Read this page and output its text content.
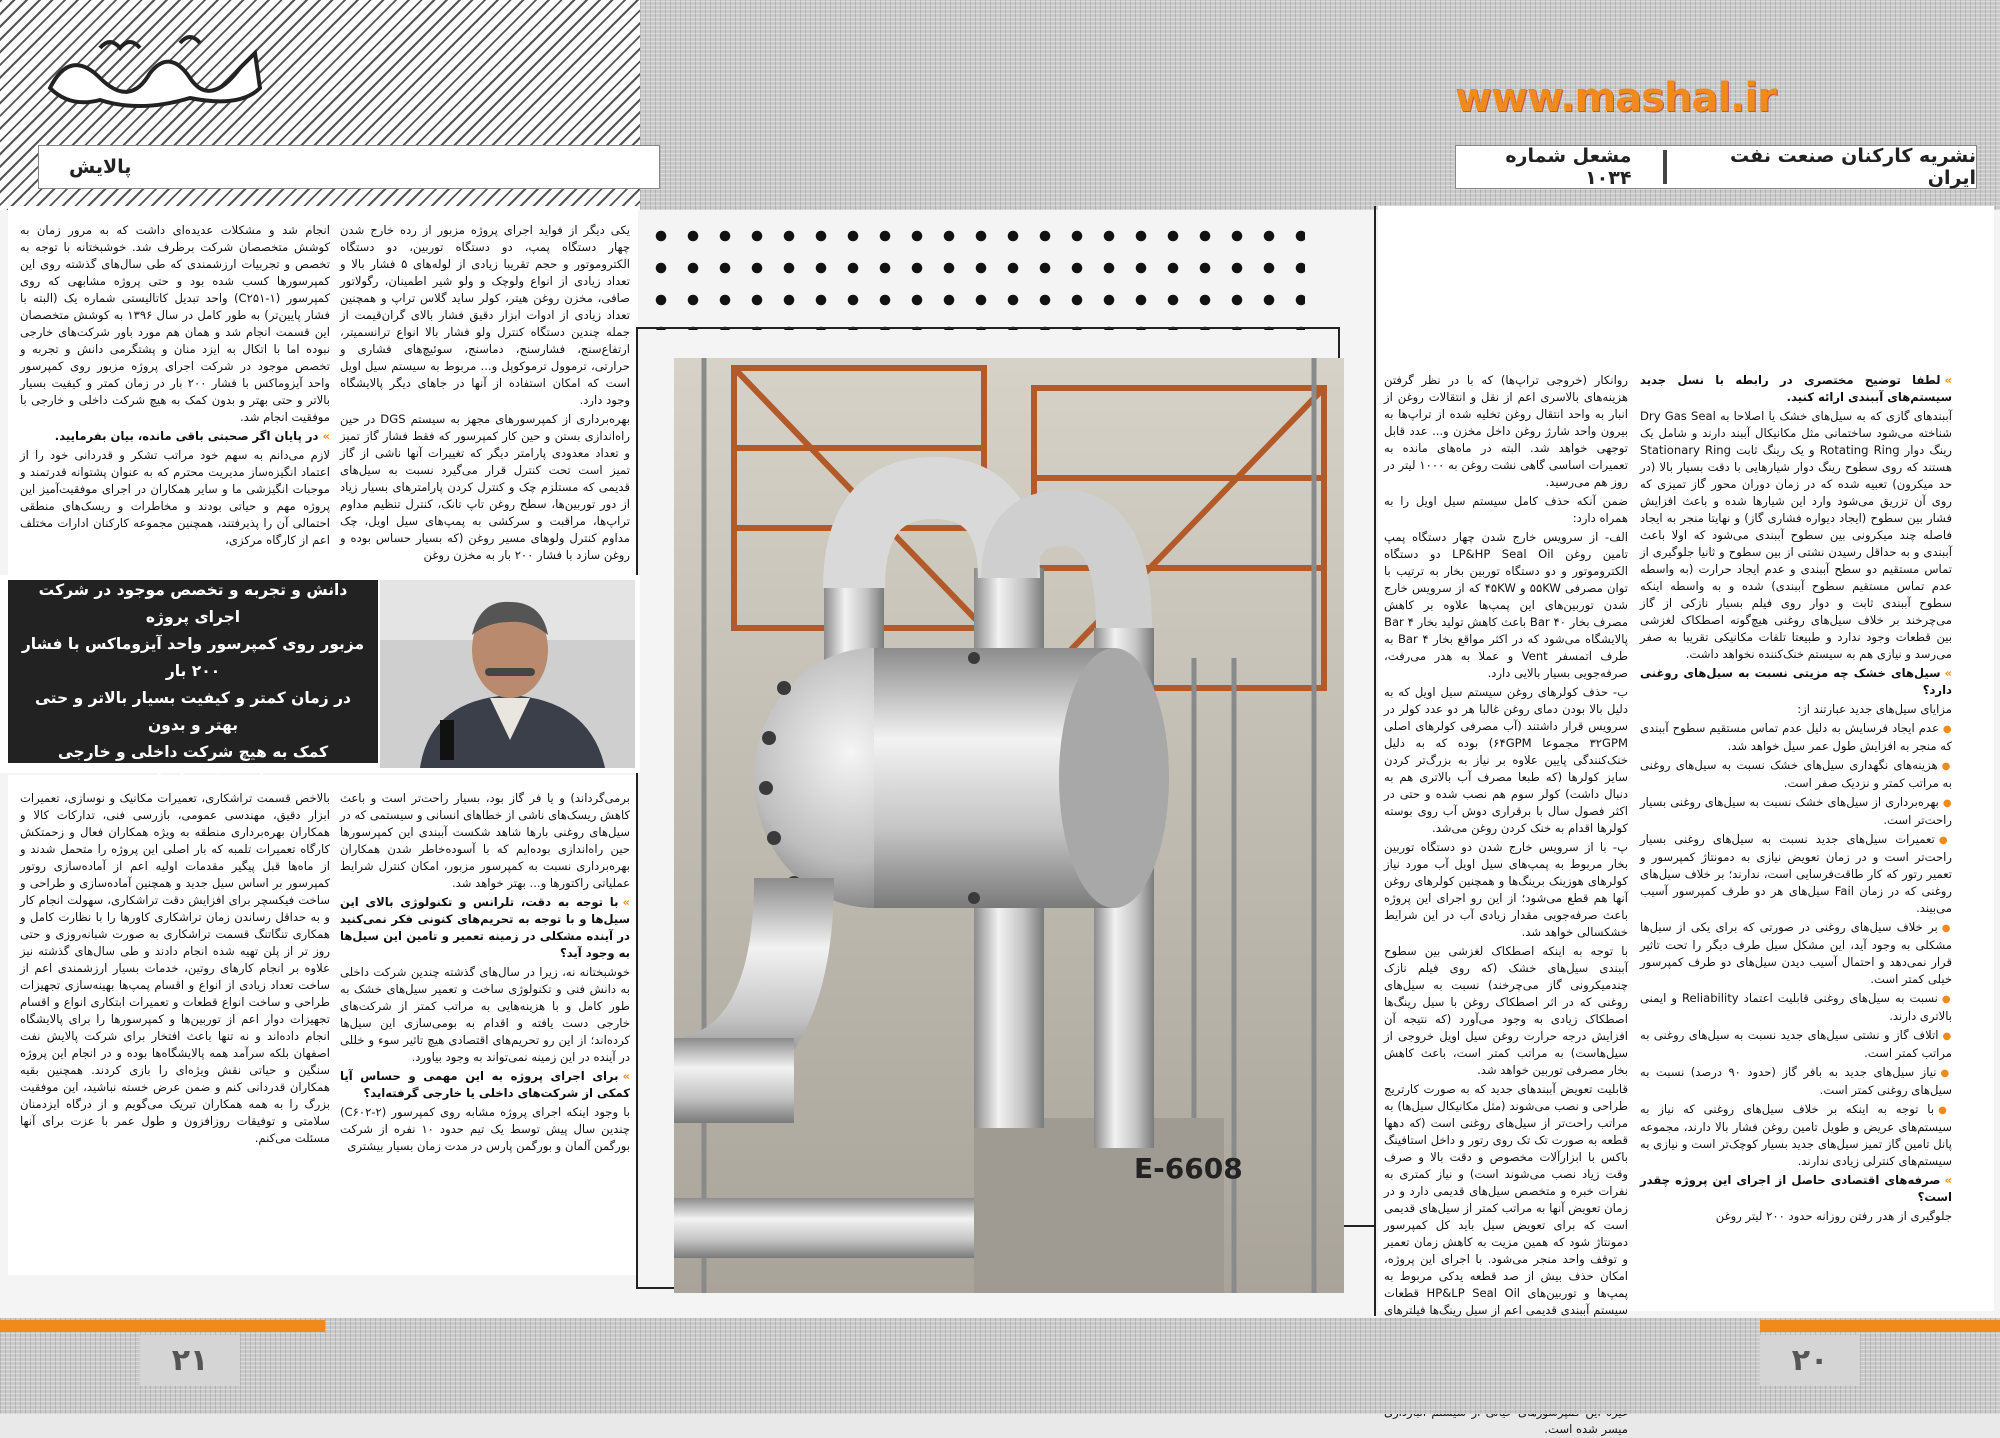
پالایش
www.mashal.ir
مشعل شماره ۱۰۳۴
نشریه کارکنان صنعت نفت ایران
E-6608
با اتکال به ایزد منان و
دانش و تجربه و تخصص موجود در شرکت اجرای پروژه
مزبور روی کمپرسور واحد آیزوماکس با فشار ۲۰۰ بار
در زمان کمتر و کیفیت بسیار بالاتر و حتی بهتر و بدون
کمک به هیچ شرکت داخلی و خارجی
با موفقیت انجام شد

» لطفا توضیح مختصری در رابطه با نسل جدید سیستم‌های آببندی ارائه کنید.

آببندهای گازی که به سیل‌های خشک یا اصلاحا به Dry Gas Seal شناخته می‌شود ساختمانی مثل مکانیکال آببند دارند و شامل یک رینگ دوار Rotating Ring و یک رینگ ثابت Stationary Ring هستند که روی سطوح رینگ دوار شیارهایی با دقت بسیار بالا (در حد میکرون) تعبیه شده که در زمان دوران محور گاز تمیزی که روی آن تزریق می‌شود وارد این شیارها شده و باعث افزایش فشار بین سطوح (ایجاد دیواره فشاری گاز) و نهایتا منجر به ایجاد فاصله چند میکرونی بین سطوح آببندی می‌شود که اولا باعث آببندی و به حداقل رسیدن نشتی از بین سطوح و ثانیا جلوگیری از تماس مستقیم دو سطح آببندی و عدم ایجاد حرارت (به واسطه عدم تماس مستقیم سطوح آببندی) شده و به واسطه اینکه سطوح آببندی ثابت و دوار روی فیلم بسیار نازکی از گاز می‌چرخند بر خلاف سیل‌های روغنی هیچ‌گونه اصطکاک لغزشی بین قطعات وجود ندارد و طبیعتا تلفات مکانیکی تقریبا به صفر می‌رسد و نیازی هم به سیستم خنک‌کننده نخواهد داشت.

» سیل‌های خشک چه مزیتی نسبت به سیل‌های روغنی دارد؟

مزایای سیل‌های جدید عبارتند از:

● عدم ایجاد فرسایش به دلیل عدم تماس مستقیم سطوح آببندی که منجر به افزایش طول عمر سیل خواهد شد.

● هزینه‌های نگهداری سیل‌های خشک نسبت به سیل‌های روغنی به مراتب کمتر و نزدیک صفر است.

● بهره‌برداری از سیل‌های خشک نسبت به سیل‌های روغنی بسیار راحت‌تر است.

● تعمیرات سیل‌های جدید نسبت به سیل‌های روغنی بسیار راحت‌تر است و در زمان تعویض نیازی به دمونتاژ کمپرسور و تعمیر رتور که کار طاقت‌فرسایی است، ندارند؛ بر خلاف سیل‌های روغنی که در زمان Fail سیل‌های هر دو طرف کمپرسور آسیب می‌بیند.

● بر خلاف سیل‌های روغنی در صورتی که برای یکی از سیل‌ها مشکلی به وجود آید، این مشکل سیل طرف دیگر را تحت تاثیر قرار نمی‌دهد و احتمال آسیب دیدن سیل‌های دو طرف کمپرسور خیلی کمتر است.

● نسبت به سیل‌های روغنی قابلیت اعتماد Reliability و ایمنی بالاتری دارند.

● اتلاف گاز و نشتی سیل‌های جدید نسبت به سیل‌های روغنی به مراتب کمتر است.

● نیاز سیل‌های جدید به بافر گاز (حدود ۹۰ درصد) نسبت به سیل‌های روغنی کمتر است.

● با توجه به اینکه بر خلاف سیل‌های روغنی که نیاز به سیستم‌های عریض و طویل تامین روغن فشار بالا دارند، مجموعه پانل تامین گاز تمیز سیل‌های جدید بسیار کوچک‌تر است و نیازی به سیستم‌های کنترلی زیادی ندارند.

» صرفه‌های اقتصادی حاصل از اجرای این پروژه چقدر است؟

جلوگیری از هدر رفتن روزانه حدود ۲۰۰ لیتر روغن

روانکار (خروجی تراپ‌ها) که با در نظر گرفتن هزینه‌های بالاسری اعم از نقل و انتقالات روغن از انبار به واحد انتقال روغن تخلیه شده از تراپ‌ها به بیرون واحد شارژ روغن داخل مخزن و... عدد قابل توجهی خواهد شد. البته در ماه‌های مانده به تعمیرات اساسی گاهی نشت روغن به ۱۰۰۰ لیتر در روز هم می‌رسید.

ضمن آنکه حذف کامل سیستم سیل اویل را به همراه دارد:

الف- از سرویس خارج شدن چهار دستگاه پمپ تامین روغن LP&HP Seal Oil دو دستگاه الکتروموتور و دو دستگاه توربین بخار به ترتیب با توان مصرفی ۵۵KW و ۴۵KW که از سرویس خارج شدن توربین‌های این پمپ‌ها علاوه بر کاهش مصرف بخار ۴۰ Bar باعث کاهش تولید بخار ۴ Bar پالایشگاه می‌شود که در اکثر مواقع بخار ۴ Bar به طرف اتمسفر Vent و عملا به هدر می‌رفت، صرفه‌جویی بسیار بالایی دارد.

ب- حذف کولرهای روغن سیستم سیل اویل که به دلیل بالا بودن دمای روغن غالبا هر دو عدد کولر در سرویس قرار داشتند (آب مصرفی کولرهای اصلی ۳۲GPM مجموعا ۶۴GPM) بوده که به دلیل خنک‌کنندگی پایین علاوه بر نیاز به بزرگ‌تر کردن سایز کولرها (که طبعا مصرف آب بالاتری هم به دنبال داشت) کولر سوم هم نصب شده و حتی در اکثر فصول سال با برقراری دوش آب روی بوسته کولرها اقدام به خنک کردن روغن می‌شد.

پ- با از سرویس خارج شدن دو دستگاه توربین بخار مربوط به پمپ‌های سیل اویل آب مورد نیاز کولرهای هوزینک برینگ‌ها و همچنین کولرهای روغن آنها هم قطع می‌شود؛ از این رو اجرای این پروژه باعث صرفه‌جویی مقدار زیادی آب در این شرایط خشکسالی خواهد شد.

با توجه به اینکه اصطکاک لغزشی بین سطوح آببندی سیل‌های خشک (که روی فیلم نازک چندمیکرونی گاز می‌چرخند) نسبت به سیل‌های روغنی که در اثر اصطکاک روغن با سیل رینگ‌ها اصطکاک زیادی به وجود می‌آورد (که نتیجه آن افزایش درجه حرارت روغن سیل اویل خروجی از سیل‌هاست) به مراتب کمتر است، باعث کاهش بخار مصرفی توربین خواهد شد.

قابلیت تعویض آببندهای جدید که به صورت کارتریج طراحی و نصب می‌شوند (مثل مکانیکال سیل‌ها) به مراتب راحت‌تر از سیل‌های روغنی است (که دهها قطعه به صورت تک تک روی رتور و داخل استافینگ باکس با ابزارآلات مخصوص و دقت بالا و صرف وقت زیاد نصب می‌شوند است) و نیاز کمتری به نفرات خبره و متخصص سیل‌های قدیمی دارد و در زمان تعویض آنها به مراتب کمتر از سیل‌های قدیمی است که برای تعویض سیل باید کل کمپرسور دمونتاژ شود که همین مزیت به کاهش زمان تعمیر و توقف واحد منجر می‌شود. با اجرای این پروژه، امکان حذف بیش از صد قطعه یدکی مربوط به پمپ‌ها و توربین‌های HP&LP Seal Oil قطعات سیستم آببندی قدیمی اعم از سیل رینگ‌ها فیلترهای میسر شده است.

انجام شد و مشکلات عدیده‌ای داشت که به مرور زمان به کوشش متخصصان شرکت برطرف شد. خوشبختانه با توجه به تخصص و تجربیات ارزشمندی که طی سال‌های گذشته روی این کمپرسورها کسب شده بود و حتی پروژه مشابهی که روی کمپرسور (۱-C۲۵۱) واحد تبدیل کاتالیستی شماره یک (البته با فشار پایین‌تر) به طور کامل در سال ۱۳۹۶ به کوشش متخصصان این قسمت انجام شد و همان هم مورد باور شرکت‌های خارجی نبوده اما با اتکال به ایزد منان و پشتگرمی دانش و تجربه و تخصص موجود در شرکت اجرای پروژه مزبور روی کمپرسور واحد آیزوماکس با فشار ۲۰۰ بار در زمان کمتر و کیفیت بسیار بالاتر و حتی بهتر و بدون کمک به هیچ شرکت داخلی و خارجی با موفقیت انجام شد.

» در پایان اگر صحبتی باقی مانده، بیان بفرمایید.

لازم می‌دانم به سهم خود مراتب تشکر و قدردانی خود را از اعتماد انگیزه‌ساز مدیریت محترم که به عنوان پشتوانه قدرتمند و موجبات انگیزشی ما و سایر همکاران در اجرای موفقیت‌آمیز این پروژه مهم و حیاتی بودند و مخاطرات و ریسک‌های منطقی احتمالی آن را پذیرفتند، همچنین مجموعه کارکنان ادارات مختلف اعم از کارگاه مرکزی،

یکی دیگر از فواید اجرای پروژه مزبور از رده خارج شدن چهار دستگاه پمپ، دو دستگاه توربین، دو دستگاه الکتروموتور و حجم تقریبا زیادی از لوله‌های ۵ فشار بالا و تعداد زیادی از انواع ولوچک و ولو شیر اطمینان، رگولاتور صافی، مخزن روغن هیتر، کولر ساید گلاس تراپ و همچنین تعداد زیادی از ادوات ابزار دقیق فشار بالای گران‌قیمت از جمله چندین دستگاه کنترل ولو فشار بالا انواع ترانسمیتر، ارتفاع‌سنج، فشارسنج، دماسنج، سوئیچ‌های فشاری و حرارتی، ترموول ترموکوپل و... مربوط به سیستم سیل اویل است که امکان استفاده از آنها در جاهای دیگر پالایشگاه وجود دارد.

بهره‌برداری از کمپرسورهای مجهز به سیستم DGS در حین راه‌اندازی بستن و حین کار کمپرسور که فقط فشار گاز تمیز و تعداد معدودی پارامتر دیگر که تغییرات آنها ناشی از گاز تمیز است تحت کنترل قرار می‌گیرد نسبت به سیل‌های قدیمی که مستلزم چک و کنترل کردن پارامترهای بسیار زیاد از دور توربین‌ها، سطح روغن تاپ تانک، کنترل تنظیم مداوم تراپ‌ها، مراقبت و سرکشی به پمپ‌های سیل اویل، چک مداوم کنترل ولوهای مسیر روغن (که بسیار حساس بوده و روغن سازد با فشار ۲۰۰ بار به مخزن روغن

بالاخص قسمت تراشکاری، تعمیرات مکانیک و نوسازی، تعمیرات ابزار دقیق، مهندسی عمومی، بازرسی فنی، تدارکات کالا و همکاران بهره‌برداری منطقه به ویژه همکاران فعال و زحمتکش کارگاه تعمیرات تلمبه که بار اصلی این پروژه را متحمل شدند و از ماه‌ها قبل پیگیر مقدمات اولیه اعم از آماده‌سازی روتور کمپرسور بر اساس سیل جدید و همچنین آماده‌سازی و طراحی و ساخت فیکسچر برای افزایش دقت تراشکاری، سهولت انجام کار و به حداقل رساندن زمان تراشکاری کاورها را با نظارت کامل و همکاری تنگاتنگ قسمت تراشکاری به صورت شبانه‌روزی و حتی روز تر از پلن تهیه شده انجام دادند و طی سال‌های گذشته نیز علاوه بر انجام کارهای روتین، خدمات بسیار ارزشمندی اعم از ساخت تعداد زیادی از انواع و اقسام پمپ‌ها بهینه‌سازی تجهیزات طراحی و ساخت انواع قطعات و تعمیرات ابتکاری انواع و اقسام تجهیزات دوار اعم از توربین‌ها و کمپرسورها را برای پالایشگاه انجام داده‌اند و نه تنها باعث افتخار برای شرکت پالایش نفت اصفهان بلکه سرآمد همه پالایشگاه‌ها بوده و در انجام این پروژه سنگین و حیاتی نقش ویژه‌ای را بازی کردند. همچنین بقیه همکاران قدردانی کنم و ضمن عرض خسته نباشید، این موفقیت بزرگ را به همه همکاران تبریک می‌گویم و از درگاه ایزدمنان سلامتی و توفیقات روزافزون و طول عمر با عزت برای آنها مسئلت می‌کنم.

برمی‌گرداند) و یا فر گاز بود، بسیار راحت‌تر است و باعث کاهش ریسک‌های ناشی از خطاهای انسانی و سیستمی که در سیل‌های روغنی بارها شاهد شکست آببندی این کمپرسورها حین راه‌اندازی بوده‌ایم که با آسوده‌خاطر شدن همکاران بهره‌برداری نسبت به کمپرسور مزبور، امکان کنترل شرایط عملیاتی راکتورها و... بهتر خواهد شد.

» با توجه به دقت، تلرانس و تکنولوژی بالای این سیل‌ها و با توجه به تحریم‌های کنونی فکر نمی‌کنید در آینده مشکلی در زمینه تعمیر و تامین این سیل‌ها به وجود آید؟

خوشبختانه نه، زیرا در سال‌های گذشته چندین شرکت داخلی به دانش فنی و تکنولوژی ساخت و تعمیر سیل‌های خشک به طور کامل و با هزینه‌هایی به مراتب کمتر از شرکت‌های خارجی دست یافته و اقدام به بومی‌سازی این سیل‌ها کرده‌اند؛ از این رو تحریم‌های اقتصادی هیچ تاثیر سوء و خللی در آینده در این زمینه نمی‌تواند به وجود بیاورد.

» برای اجرای پروژه به این مهمی و حساس آیا کمکی از شرکت‌های داخلی یا خارجی گرفته‌اید؟

با وجود اینکه اجرای پروژه مشابه روی کمپرسور (۲-C۶۰۲) چندین سال پیش توسط یک تیم حدود ۱۰ نفره از شرکت بورگمن آلمان و بورگمن پارس در مدت زمان بسیار بیشتری

۲۱	۲۰
